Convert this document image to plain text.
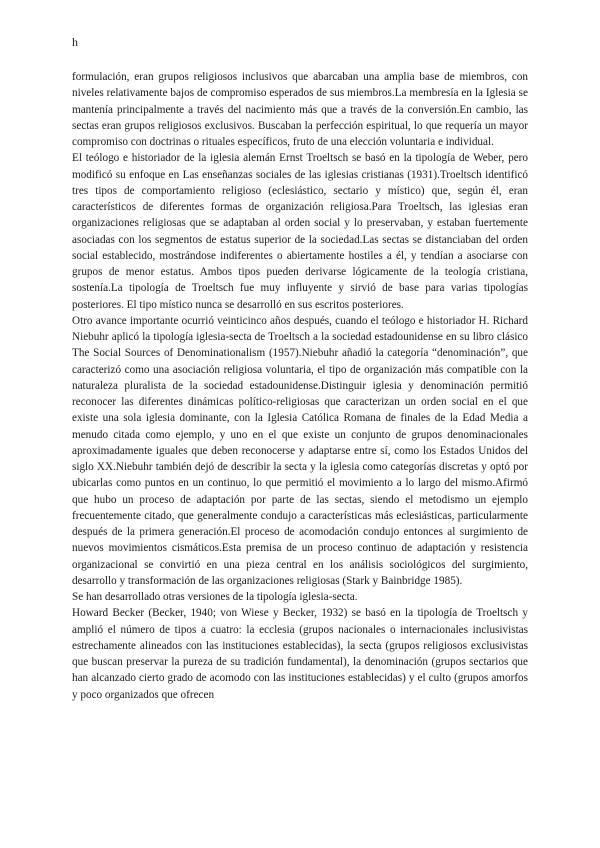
h

formulación, eran grupos religiosos inclusivos que abarcaban una amplia base de miembros, con niveles relativamente bajos de compromiso esperados de sus miembros.La membresía en la Iglesia se mantenía principalmente a través del nacimiento más que a través de la conversión.En cambio, las sectas eran grupos religiosos exclusivos. Buscaban la perfección espiritual, lo que requería un mayor compromiso con doctrinas o rituales específicos, fruto de una elección voluntaria e individual.

El teólogo e historiador de la iglesia alemán Ernst Troeltsch se basó en la tipología de Weber, pero modificó su enfoque en Las enseñanzas sociales de las iglesias cristianas (1931).Troeltsch identificó tres tipos de comportamiento religioso (eclesiástico, sectario y místico) que, según él, eran característicos de diferentes formas de organización religiosa.Para Troeltsch, las iglesias eran organizaciones religiosas que se adaptaban al orden social y lo preservaban, y estaban fuertemente asociadas con los segmentos de estatus superior de la sociedad.Las sectas se distanciaban del orden social establecido, mostrándose indiferentes o abiertamente hostiles a él, y tendían a asociarse con grupos de menor estatus. Ambos tipos pueden derivarse lógicamente de la teología cristiana, sostenía.La tipología de Troeltsch fue muy influyente y sirvió de base para varias tipologías posteriores. El tipo místico nunca se desarrolló en sus escritos posteriores.

Otro avance importante ocurrió veinticinco años después, cuando el teólogo e historiador H. Richard Niebuhr aplicó la tipología iglesia-secta de Troeltsch a la sociedad estadounidense en su libro clásico The Social Sources of Denominationalism (1957).Niebuhr añadió la categoría “denominación”, que caracterizó como una asociación religiosa voluntaria, el tipo de organización más compatible con la naturaleza pluralista de la sociedad estadounidense.Distinguir iglesia y denominación permitió reconocer las diferentes dinámicas político-religiosas que caracterizan un orden social en el que existe una sola iglesia dominante, con la Iglesia Católica Romana de finales de la Edad Media a menudo citada como ejemplo, y uno en el que existe un conjunto de grupos denominacionales aproximadamente iguales que deben reconocerse y adaptarse entre sí, como los Estados Unidos del siglo XX.Niebuhr también dejó de describir la secta y la iglesia como categorías discretas y optó por ubicarlas como puntos en un continuo, lo que permitió el movimiento a lo largo del mismo.Afirmó que hubo un proceso de adaptación por parte de las sectas, siendo el metodismo un ejemplo frecuentemente citado, que generalmente condujo a características más eclesiásticas, particularmente después de la primera generación.El proceso de acomodación condujo entonces al surgimiento de nuevos movimientos cismáticos.Esta premisa de un proceso continuo de adaptación y resistencia organizacional se convirtió en una pieza central en los análisis sociológicos del surgimiento, desarrollo y transformación de las organizaciones religiosas (Stark y Bainbridge 1985).

Se han desarrollado otras versiones de la tipología iglesia-secta.

Howard Becker (Becker, 1940; von Wiese y Becker, 1932) se basó en la tipología de Troeltsch y amplió el número de tipos a cuatro: la ecclesia (grupos nacionales o internacionales inclusivistas estrechamente alineados con las instituciones establecidas), la secta (grupos religiosos exclusivistas que buscan preservar la pureza de su tradición fundamental), la denominación (grupos sectarios que han alcanzado cierto grado de acomodo con las instituciones establecidas) y el culto (grupos amorfos y poco organizados que ofrecen
